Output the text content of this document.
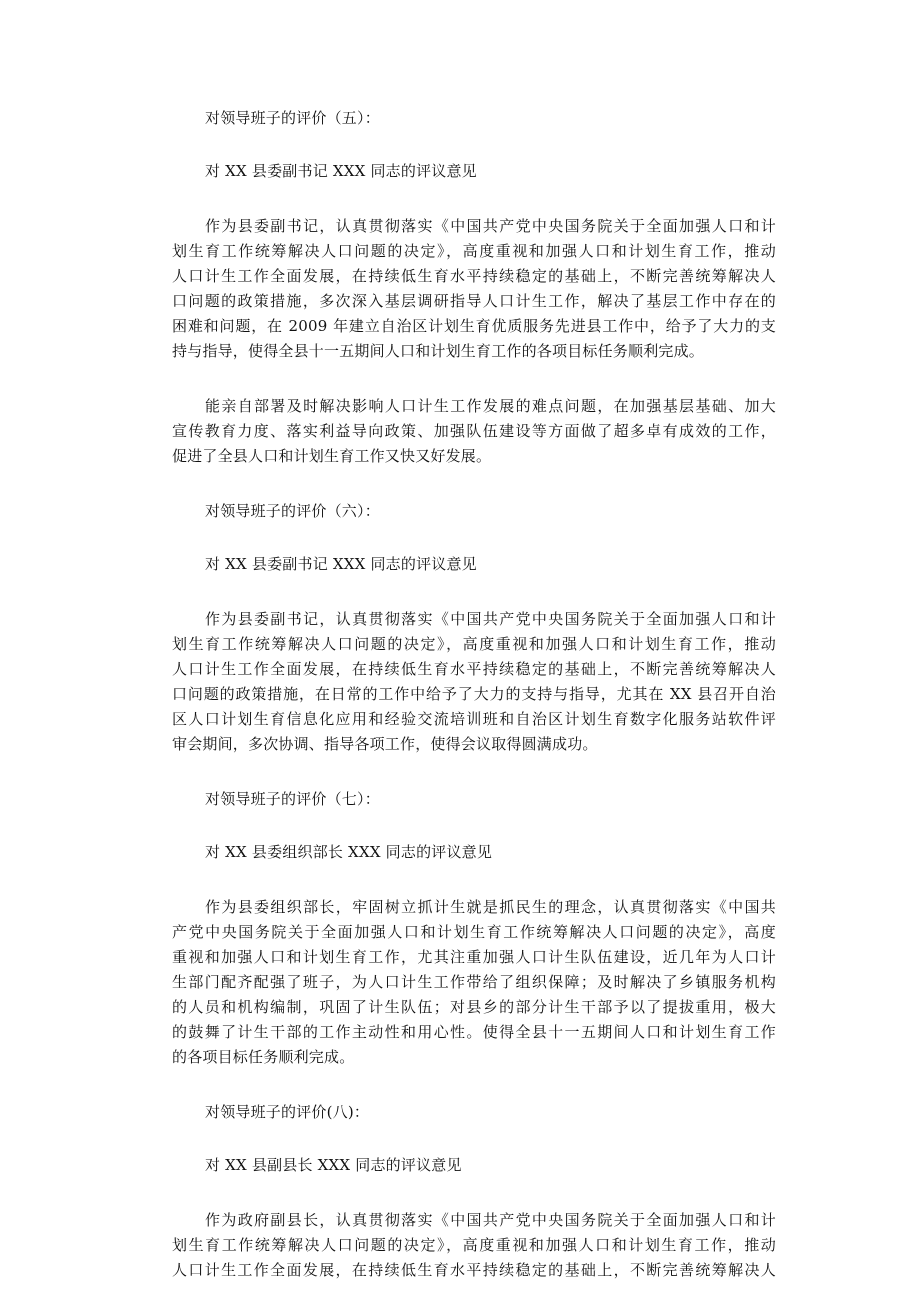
对领导班子的评价（五）：
对 XX 县委副书记 XXX 同志的评议意见
作为县委副书记，认真贯彻落实《中国共产党中央国务院关于全面加强人口和计
划生育工作统筹解决人口问题的决定》，高度重视和加强人口和计划生育工作，推动
人口计生工作全面发展，在持续低生育水平持续稳定的基础上，不断完善统筹解决人
口问题的政策措施，多次深入基层调研指导人口计生工作，解决了基层工作中存在的
困难和问题，在 2009 年建立自治区计划生育优质服务先进县工作中，给予了大力的支
持与指导，使得全县十一五期间人口和计划生育工作的各项目标任务顺利完成。
能亲自部署及时解决影响人口计生工作发展的难点问题，在加强基层基础、加大
宣传教育力度、落实利益导向政策、加强队伍建设等方面做了超多卓有成效的工作，
促进了全县人口和计划生育工作又快又好发展。
对领导班子的评价（六）：
对 XX 县委副书记 XXX 同志的评议意见
作为县委副书记，认真贯彻落实《中国共产党中央国务院关于全面加强人口和计
划生育工作统筹解决人口问题的决定》，高度重视和加强人口和计划生育工作，推动
人口计生工作全面发展，在持续低生育水平持续稳定的基础上，不断完善统筹解决人
口问题的政策措施，在日常的工作中给予了大力的支持与指导，尤其在 XX 县召开自治
区人口计划生育信息化应用和经验交流培训班和自治区计划生育数字化服务站软件评
审会期间，多次协调、指导各项工作，使得会议取得圆满成功。
对领导班子的评价（七）：
对 XX 县委组织部长 XXX 同志的评议意见
作为县委组织部长，牢固树立抓计生就是抓民生的理念，认真贯彻落实《中国共
产党中央国务院关于全面加强人口和计划生育工作统筹解决人口问题的决定》，高度
重视和加强人口和计划生育工作，尤其注重加强人口计生队伍建设，近几年为人口计
生部门配齐配强了班子，为人口计生工作带给了组织保障；及时解决了乡镇服务机构
的人员和机构编制，巩固了计生队伍；对县乡的部分计生干部予以了提拔重用，极大
的鼓舞了计生干部的工作主动性和用心性。使得全县十一五期间人口和计划生育工作
的各项目标任务顺利完成。
对领导班子的评价(八)：
对 XX 县副县长 XXX 同志的评议意见
作为政府副县长，认真贯彻落实《中国共产党中央国务院关于全面加强人口和计
划生育工作统筹解决人口问题的决定》，高度重视和加强人口和计划生育工作，推动
人口计生工作全面发展，在持续低生育水平持续稳定的基础上，不断完善统筹解决人
